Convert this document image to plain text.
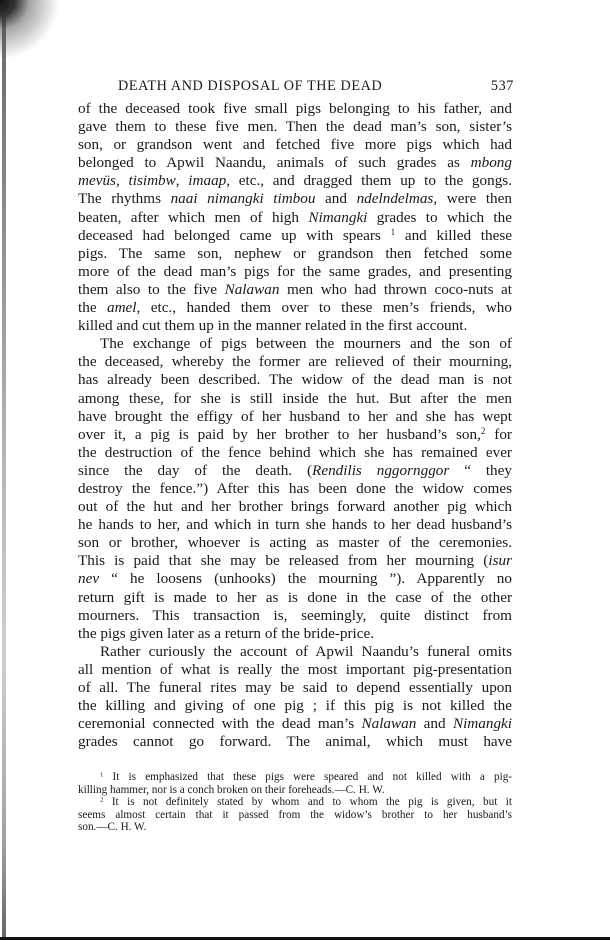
DEATH AND DISPOSAL OF THE DEAD	537
of the deceased took five small pigs belonging to his father, and
gave them to these five men. Then the dead man’s son, sister’s
son, or grandson went and fetched five more pigs which had
belonged to Apwil Naandu, animals of such grades as mbong
mevüs, tisimbw, imaap, etc., and dragged them up to the gongs.
The rhythms naai nimangki timbou and ndelndelmas, were then
beaten, after which men of high Nimangki grades to which the
deceased had belonged came up with spears $^1$ and killed these
pigs. The same son, nephew or grandson then fetched some
more of the dead man’s pigs for the same grades, and presenting
them also to the five Nalawan men who had thrown coco-nuts at
the amel, etc., handed them over to these men’s friends, who
killed and cut them up in the manner related in the first account.
The exchange of pigs between the mourners and the son of
the deceased, whereby the former are relieved of their mourning,
has already been described. The widow of the dead man is not
among these, for she is still inside the hut. But after the men
have brought the effigy of her husband to her and she has wept
over it, a pig is paid by her brother to her husband’s son,$^2$ for
the destruction of the fence behind which she has remained ever
since the day of the death. (Rendilis nggornggor “ they
destroy the fence.”) After this has been done the widow comes
out of the hut and her brother brings forward another pig which
he hands to her, and which in turn she hands to her dead husband’s
son or brother, whoever is acting as master of the ceremonies.
This is paid that she may be released from her mourning (isur
nev “ he loosens (unhooks) the mourning ”). Apparently no
return gift is made to her as is done in the case of the other
mourners. This transaction is, seemingly, quite distinct from
the pigs given later as a return of the bride-price.
Rather curiously the account of Apwil Naandu’s funeral omits
all mention of what is really the most important pig-presentation
of all. The funeral rites may be said to depend essentially upon
the killing and giving of one pig ; if this pig is not killed the
ceremonial connected with the dead man’s Nalawan and Nimangki
grades cannot go forward. The animal, which must have
$^1$ It is emphasized that these pigs were speared and not killed with a pig-
killing hammer, nor is a conch broken on their foreheads.—C. H. W.
$^2$ It is not definitely stated by whom and to whom the pig is given, but it
seems almost certain that it passed from the widow’s brother to her husband’s
son.—C. H. W.
